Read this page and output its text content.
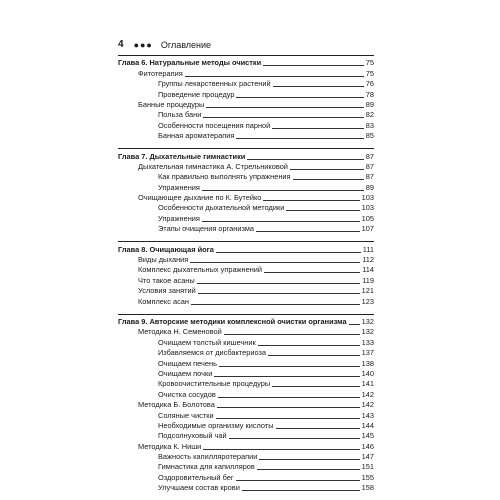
4 ●●● Оглавление
Глава 6. Натуральные методы очистки	75
Фитотерапия	75
Группы лекарственных растений	76
Проведение процедур	78
Банные процедуры	89
Польза бани	82
Особенности посещения парной	83
Банная ароматерапия	85
Глава 7. Дыхательные гимнастики	87
Дыхательная гимнастика А. Стрельниковой	87
Как правильно выполнять упражнения	87
Упражнения	89
Очищающее дыхание по К. Бутейко	103
Особенности дыхательной методики	103
Упражнения	105
Этапы очищения организма	107
Глава 8. Очищающая йога	111
Виды дыхания	112
Комплекс дыхательных упражнений	114
Что такое асаны	119
Условия занятий	121
Комплекс асан	123
Глава 9. Авторские методики комплексной очистки организма 132
Методика Н. Семеновой	132
Очищаем толстый кишечник	133
Избавляемся от дисбактериоза	137
Очищаем печень	138
Очищаем почки	140
Кровоочистительные процедуры	141
Очистка сосудов	142
Методика Б. Болотова	142
Соляные чистки	143
Необходимые организму кислоты	144
Подсолнуховый чай	145
Методика К. Ниши	146
Важность капилляротерапии	147
Гимнастика для капилляров	151
Оздоровительный бег	155
Улучшаем состав крови	158
